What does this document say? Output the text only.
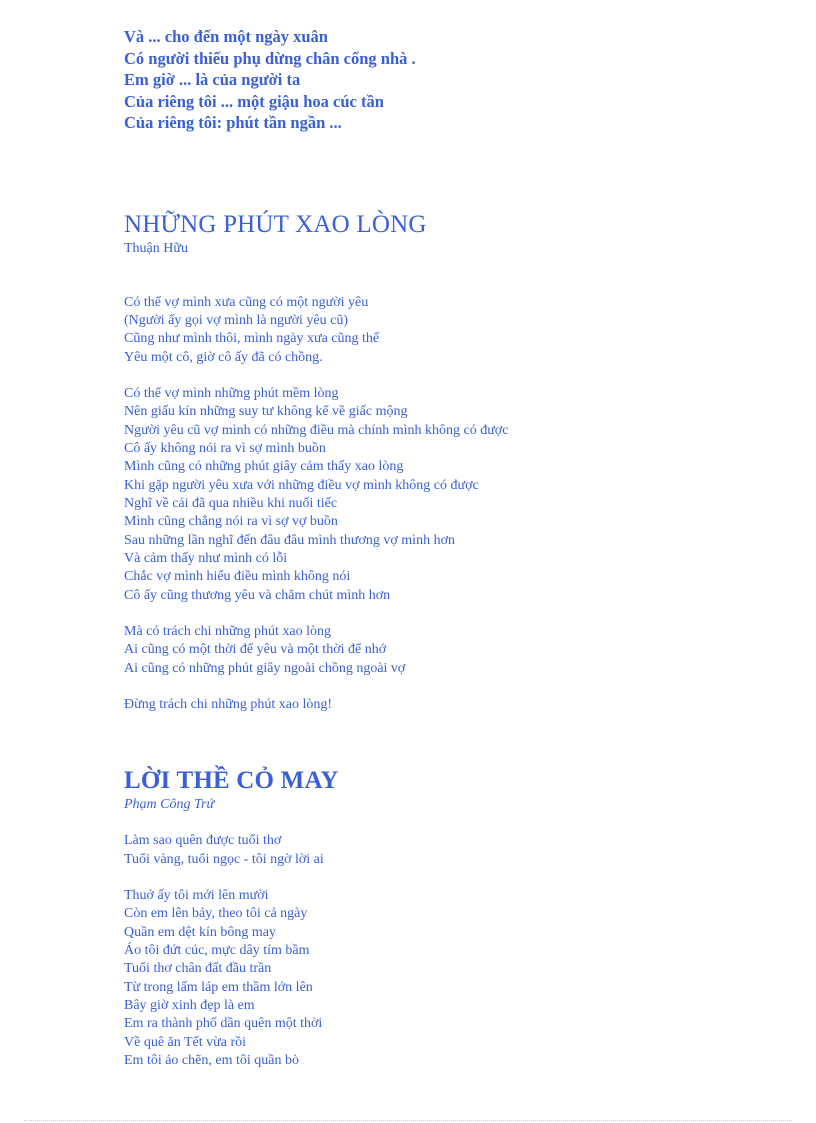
Và ... cho đến một ngày xuân
Có người thiếu phụ dừng chân cổng nhà .
Em giờ ... là của người ta
Của riêng tôi ... một giậu hoa cúc tần
Của riêng tôi: phút tần ngần ...
NHỮNG PHÚT XAO LÒNG
Thuận Hữu
Có thể vợ mình xưa cũng có một người yêu
(Người ấy gọi vợ mình là người yêu cũ)
Cũng như mình thôi, mình ngày xưa cũng thế
Yêu một cô, giờ cô ấy đã có chồng.
Có thể vợ mình những phút mềm lòng
Nên giấu kín những suy tư không kể về giấc mộng
Người yêu cũ vợ mình có những điều mà chính mình không có được
Cô ấy không nói ra vì sợ mình buồn
Mình cũng có những phút giây cảm thấy xao lòng
Khi gặp người yêu xưa với những điều vợ mình không có được
Nghĩ về cái đã qua nhiều khi nuối tiếc
Mình cũng chẳng nói ra vì sợ vợ buồn
Sau những lần nghĩ đến đâu đâu mình thương vợ mình hơn
Và cảm thấy như mình có lỗi
Chắc vợ mình hiểu điều mình không nói
Cô ấy cũng thương yêu và chăm chút mình hơn
Mà có trách chi những phút xao lòng
Ai cũng có một thời để yêu và một thời để nhớ
Ai cũng có những phút giây ngoài chồng ngoài vợ
Đừng trách chi những phút xao lòng!
LỜI THỀ CỎ MAY
Phạm Công Trứ
Làm sao quên được tuổi thơ
Tuổi vàng, tuổi ngọc - tôi ngờ lời ai
Thuở ấy tôi mới lên mười
Còn em lên bảy, theo tôi cả ngày
Quần em dệt kín bông may
Áo tôi đứt cúc, mực dây tím bầm
Tuổi thơ chân đất đầu trần
Từ trong lấm láp em thầm lớn lên
Bây giờ xinh đẹp là em
Em ra thành phố dần quên một thời
Về quê ăn Tết vừa rồi
Em tôi áo chẽn, em tôi quần bò
